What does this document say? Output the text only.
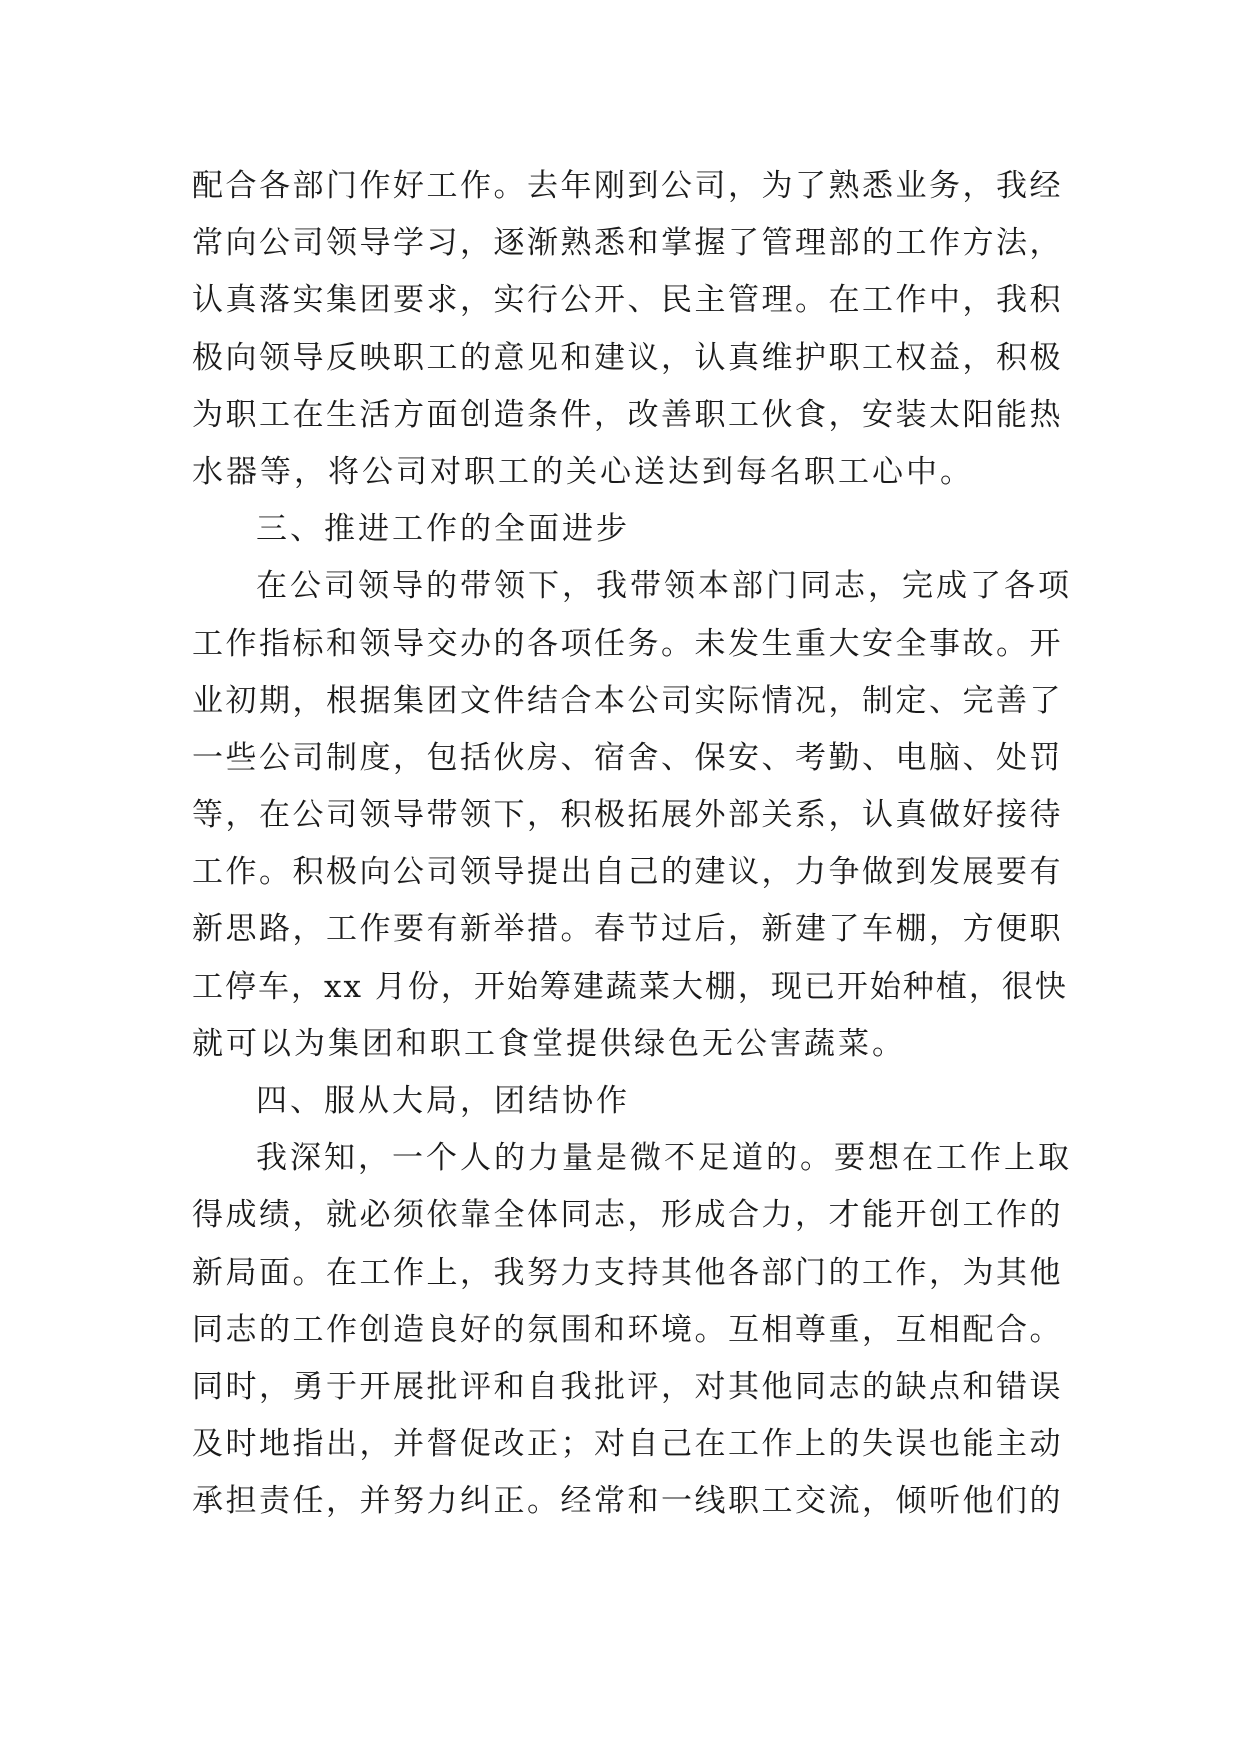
配合各部门作好工作。去年刚到公司，为了熟悉业务，我经
常向公司领导学习，逐渐熟悉和掌握了管理部的工作方法，
认真落实集团要求，实行公开、民主管理。在工作中，我积
极向领导反映职工的意见和建议，认真维护职工权益，积极
为职工在生活方面创造条件，改善职工伙食，安装太阳能热
水器等，将公司对职工的关心送达到每名职工心中。
三、推进工作的全面进步
在公司领导的带领下，我带领本部门同志，完成了各项
工作指标和领导交办的各项任务。未发生重大安全事故。开
业初期，根据集团文件结合本公司实际情况，制定、完善了
一些公司制度，包括伙房、宿舍、保安、考勤、电脑、处罚
等，在公司领导带领下，积极拓展外部关系，认真做好接待
工作。积极向公司领导提出自己的建议，力争做到发展要有
新思路，工作要有新举措。春节过后，新建了车棚，方便职
工停车，xx 月份，开始筹建蔬菜大棚，现已开始种植，很快
就可以为集团和职工食堂提供绿色无公害蔬菜。
四、服从大局，团结协作
我深知，一个人的力量是微不足道的。要想在工作上取
得成绩，就必须依靠全体同志，形成合力，才能开创工作的
新局面。在工作上，我努力支持其他各部门的工作，为其他
同志的工作创造良好的氛围和环境。互相尊重，互相配合。
同时，勇于开展批评和自我批评，对其他同志的缺点和错误
及时地指出，并督促改正；对自己在工作上的失误也能主动
承担责任，并努力纠正。经常和一线职工交流，倾听他们的
